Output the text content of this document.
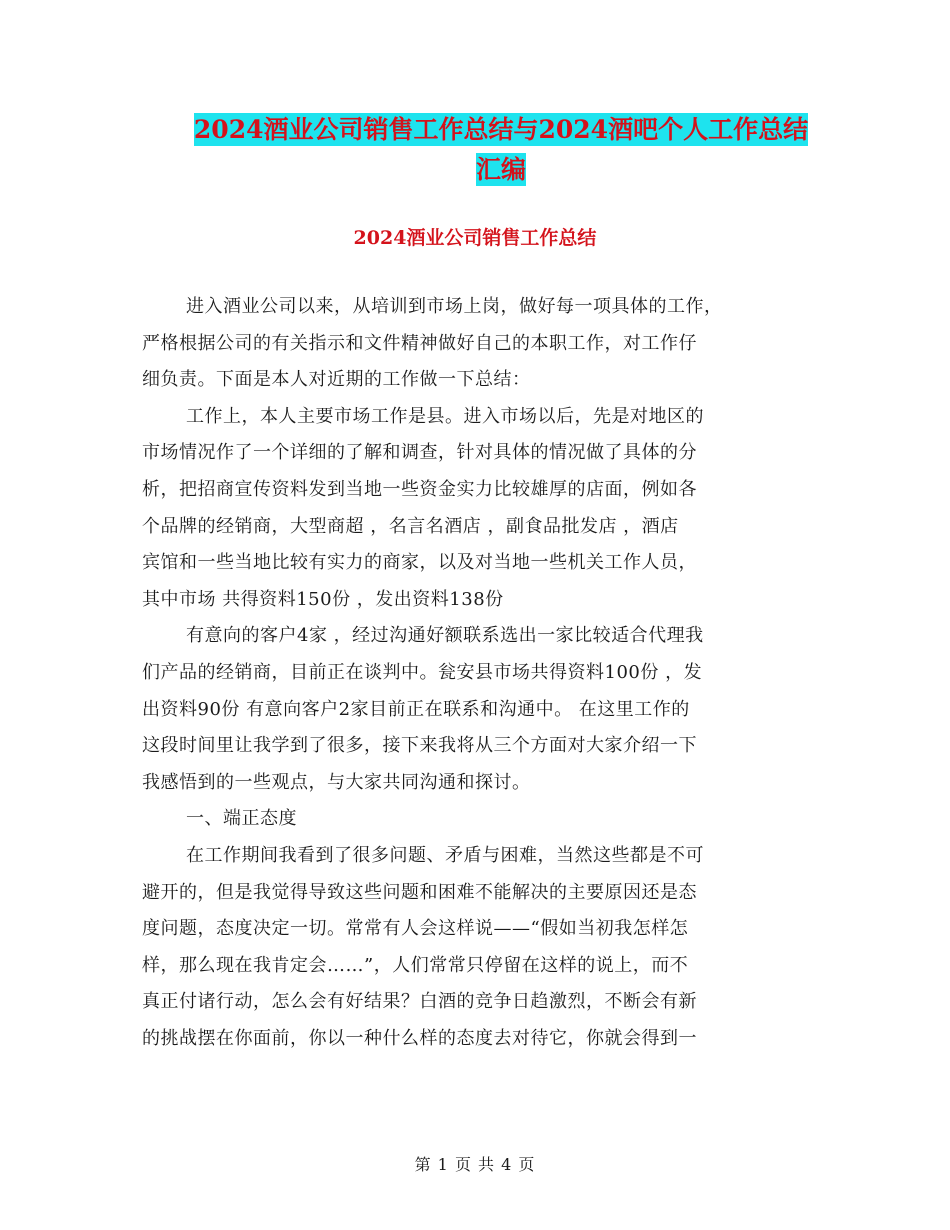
2024酒业公司销售工作总结与2024酒吧个人工作总结
汇编
2024酒业公司销售工作总结
进入酒业公司以来，从培训到市场上岗，做好每一项具体的工作，
严格根据公司的有关指示和文件精神做好自己的本职工作，对工作仔
细负责。下面是本人对近期的工作做一下总结：
工作上，本人主要市场工作是县。进入市场以后，先是对地区的
市场情况作了一个详细的了解和调查，针对具体的情况做了具体的分
析，把招商宣传资料发到当地一些资金实力比较雄厚的店面，例如各
个品牌的经销商，大型商超 ，名言名酒店 ，副食品批发店 ，酒店
宾馆和一些当地比较有实力的商家，以及对当地一些机关工作人员，
其中市场 共得资料150份 ，发出资料138份
有意向的客户4家 ，经过沟通好额联系选出一家比较适合代理我
们产品的经销商，目前正在谈判中。瓮安县市场共得资料100份 ，发
出资料90份 有意向客户2家目前正在联系和沟通中。 在这里工作的
这段时间里让我学到了很多，接下来我将从三个方面对大家介绍一下
我感悟到的一些观点，与大家共同沟通和探讨。
一、端正态度
在工作期间我看到了很多问题、矛盾与困难，当然这些都是不可
避开的，但是我觉得导致这些问题和困难不能解决的主要原因还是态
度问题，态度决定一切。常常有人会这样说——“假如当初我怎样怎
样，那么现在我肯定会……”，人们常常只停留在这样的说上，而不
真正付诸行动，怎么会有好结果？白酒的竞争日趋激烈，不断会有新
的挑战摆在你面前，你以一种什么样的态度去对待它，你就会得到一
第 1 页 共 4 页
